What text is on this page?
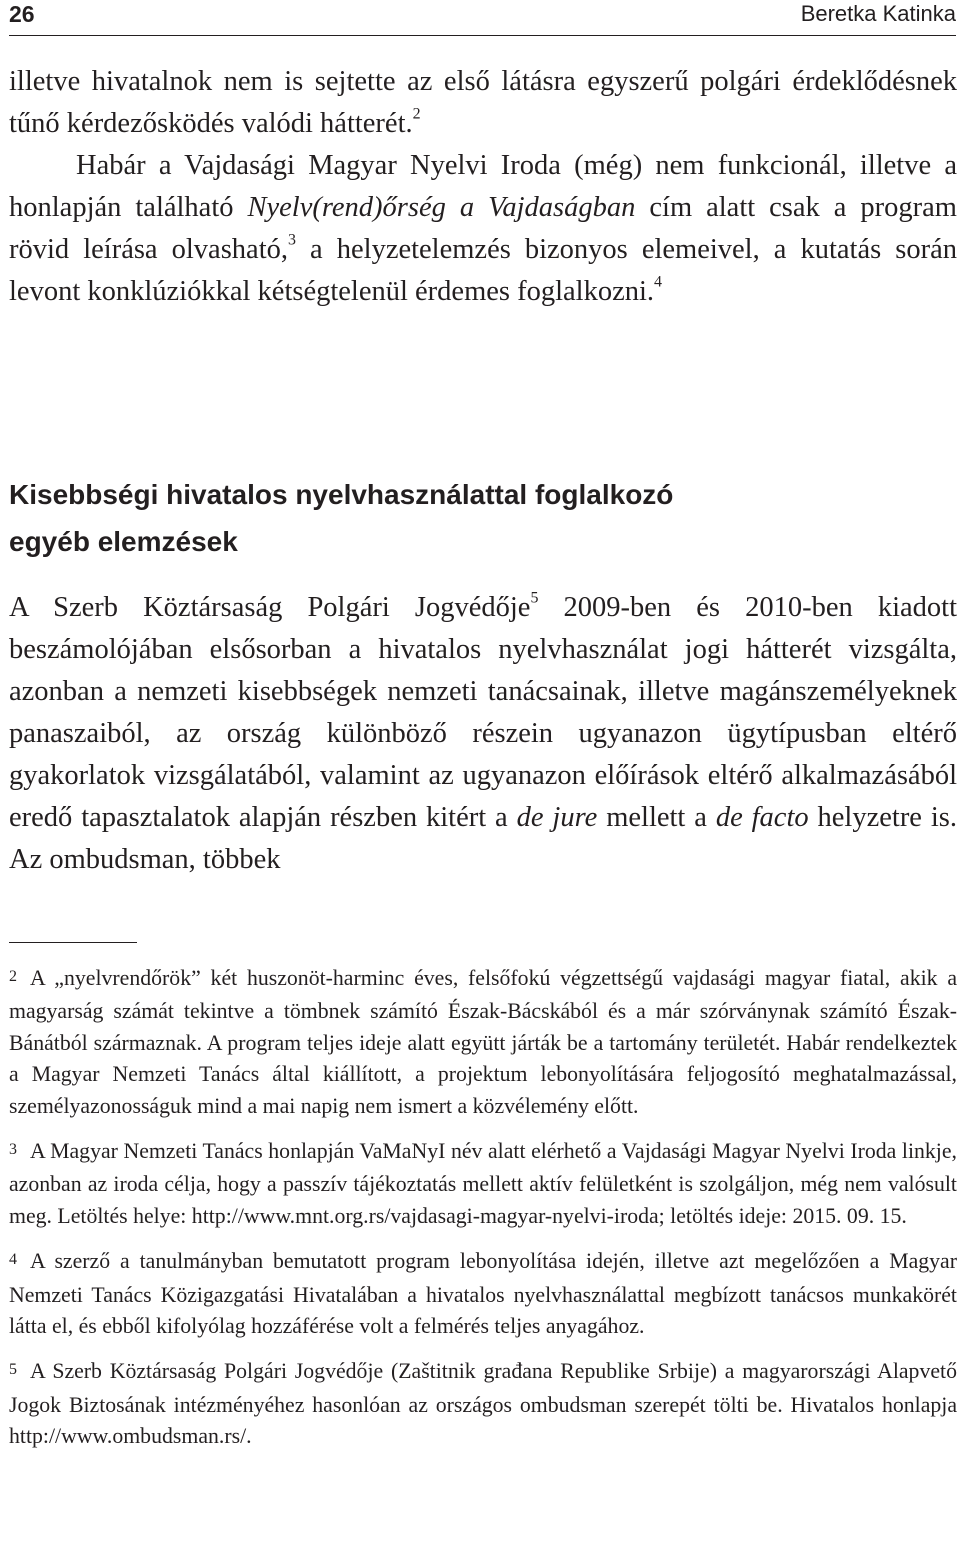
26	Beretka Katinka

illetve hivatalnok nem is sejtette az első látásra egyszerű polgári érdeklődésnek tűnő kérdezősködés valódi hátterét.$^2$

Habár a Vajdasági Magyar Nyelvi Iroda (még) nem funkcionál, illetve a honlapján található Nyelv(rend)őrség a Vajdaságban cím alatt csak a program rövid leírása olvasható,$^3$ a helyzetelemzés bizonyos elemeivel, a kutatás során levont konklúziókkal kétségtelenül érdemes foglalkozni.$^4$

Kisebbségi hivatalos nyelvhasználattal foglalkozó
egyéb elemzések

A Szerb Köztársaság Polgári Jogvédője$^5$ 2009-ben és 2010-ben kiadott beszámolójában elsősorban a hivatalos nyelvhasználat jogi hátterét vizsgálta, azonban a nemzeti kisebbségek nemzeti tanácsainak, illetve magánszemélyeknek panaszaiból, az ország különböző részein ugyanazon ügytípusban eltérő gyakorlatok vizsgálatából, valamint az ugyanazon előírások eltérő alkalmazásából eredő tapasztalatok alapján részben kitért a de jure mellett a de facto helyzetre is. Az ombudsman, többek

2 A „nyelvrendőrök” két huszonöt-harminc éves, felsőfokú végzettségű vajdasági magyar fiatal, akik a magyarság számát tekintve a tömbnek számító Észak-Bácskából és a már szórványnak számító Észak-Bánátból származnak. A program teljes ideje alatt együtt járták be a tartomány területét. Habár rendelkeztek a Magyar Nemzeti Tanács által kiállított, a projektum lebonyolítására feljogosító meghatalmazással, személyazonosságuk mind a mai napig nem ismert a közvélemény előtt.

3 A Magyar Nemzeti Tanács honlapján VaMaNyI név alatt elérhető a Vajdasági Magyar Nyelvi Iroda linkje, azonban az iroda célja, hogy a passzív tájékoztatás mellett aktív felületként is szolgáljon, még nem valósult meg. Letöltés helye: http://www.mnt.org.rs/vajdasagi-magyar-nyelvi-iroda; letöltés ideje: 2015. 09. 15.

4 A szerző a tanulmányban bemutatott program lebonyolítása idején, illetve azt megelőzően a Magyar Nemzeti Tanács Közigazgatási Hivatalában a hivatalos nyelvhasználattal megbízott tanácsos munkakörét látta el, és ebből kifolyólag hozzáférése volt a felmérés teljes anyagához.

5 A Szerb Köztársaság Polgári Jogvédője (Zaštitnik građana Republike Srbije) a magyarországi Alapvető Jogok Biztosának intézményéhez hasonlóan az országos ombudsman szerepét tölti be. Hivatalos honlapja http://www.ombudsman.rs/.
